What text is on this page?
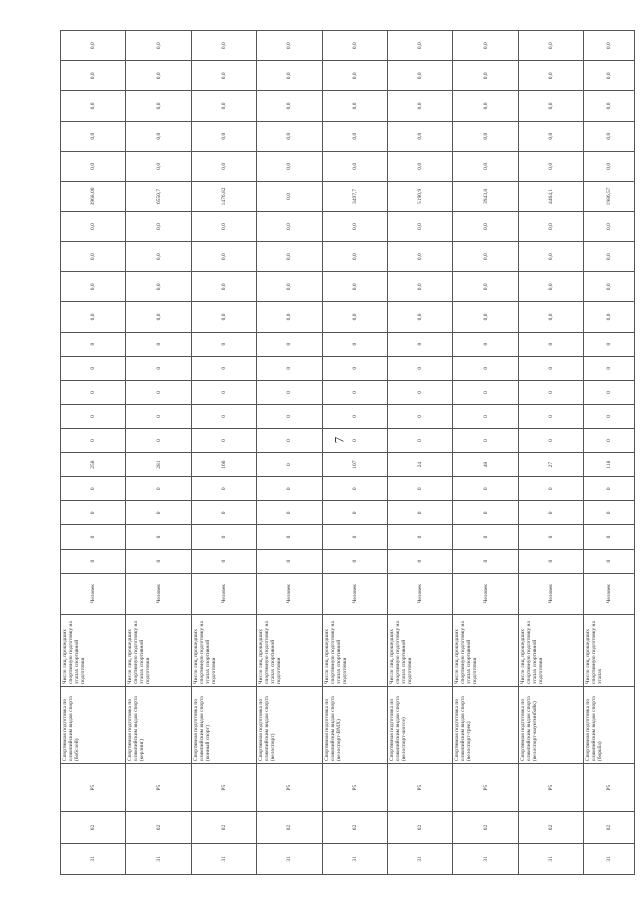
7
31	02	Р5	Спортивная подготовка по олимпийским видам спорта (бобслей)	Число лиц, прошедших спортивную подготовку на этапах спортивной подготовки	Человек	0	0	0	0	258	0	0	0	0	0	0,0	0,0	0,0	0,0	3968,00	0,0	0,0	0,0	0,0	0,0
31	02	Р5	Спортивная подготовка по олимпийским видам спорта (керлинг)	Число лиц, прошедших спортивную подготовку на этапах спортивной подготовки	Человек	0	0	0	0	281	0	0	0	0	0	0,0	0,0	0,0	0,0	6550,7	0,0	0,0	0,0	0,0	0,0
31	02	Р5	Спортивная подготовка по олимпийским видам спорта (конный спорт)	Число лиц, прошедших спортивную подготовку на этапах спортивной подготовки	Человек	0	0	0	0	160	0	0	0	0	0	0,0	0,0	0,0	0,0	1476,82	0,0	0,0	0,0	0,0	0,0
31	02	Р5	Спортивная подготовка по олимпийским видам спорта (велоспорт)	Число лиц, прошедших спортивную подготовку на этапах спортивной подготовки	Человек	0	0	0	0	0	0	0	0	0	0	0,0	0,0	0,0	0,0	0,0	0,0	0,0	0,0	0,0	0,0
31	02	Р5	Спортивная подготовка по олимпийским видам спорта (велоспорт-ВМХ)	Число лиц, прошедших спортивную подготовку на этапах спортивной подготовки	Человек	0	0	0	0	107	0	0	0	0	0	0,0	0,0	0,0	0,0	3497,7	0,0	0,0	0,0	0,0	0,0
31	02	Р5	Спортивная подготовка по олимпийским видам спорта (велоспорт-шоссе)	Число лиц, прошедших спортивную подготовку на этапах спортивной подготовки	Человек	0	0	0	0	24	0	0	0	0	0	0,0	0,0	0,0	0,0	5190,9	0,0	0,0	0,0	0,0	0,0
31	02	Р5	Спортивная подготовка по олимпийским видам спорта (велоспорт-трек)	Число лиц, прошедших спортивную подготовку на этапах спортивной подготовки	Человек	0	0	0	0	48	0	0	0	0	0	0,0	0,0	0,0	0,0	3943,8	0,0	0,0	0,0	0,0	0,0
31	02	Р5	Спортивная подготовка по олимпийским видам спорта (велоспорт-маунтинбайк)	Число лиц, прошедших спортивную подготовку на этапах спортивной подготовки	Человек	0	0	0	0	27	0	0	0	0	0	0,0	0,0	0,0	0,0	4464,1	0,0	0,0	0,0	0,0	0,0
31	02	Р5	Спортивная подготовка по олимпийским видам спорта (борьба)	Число лиц, прошедших спортивную подготовку на этапах	Человек	0	0	0	0	118	0	0	0	0	0	0,0	0,0	0,0	0,0	1986,57	0,0	0,0	0,0	0,0	0,0
